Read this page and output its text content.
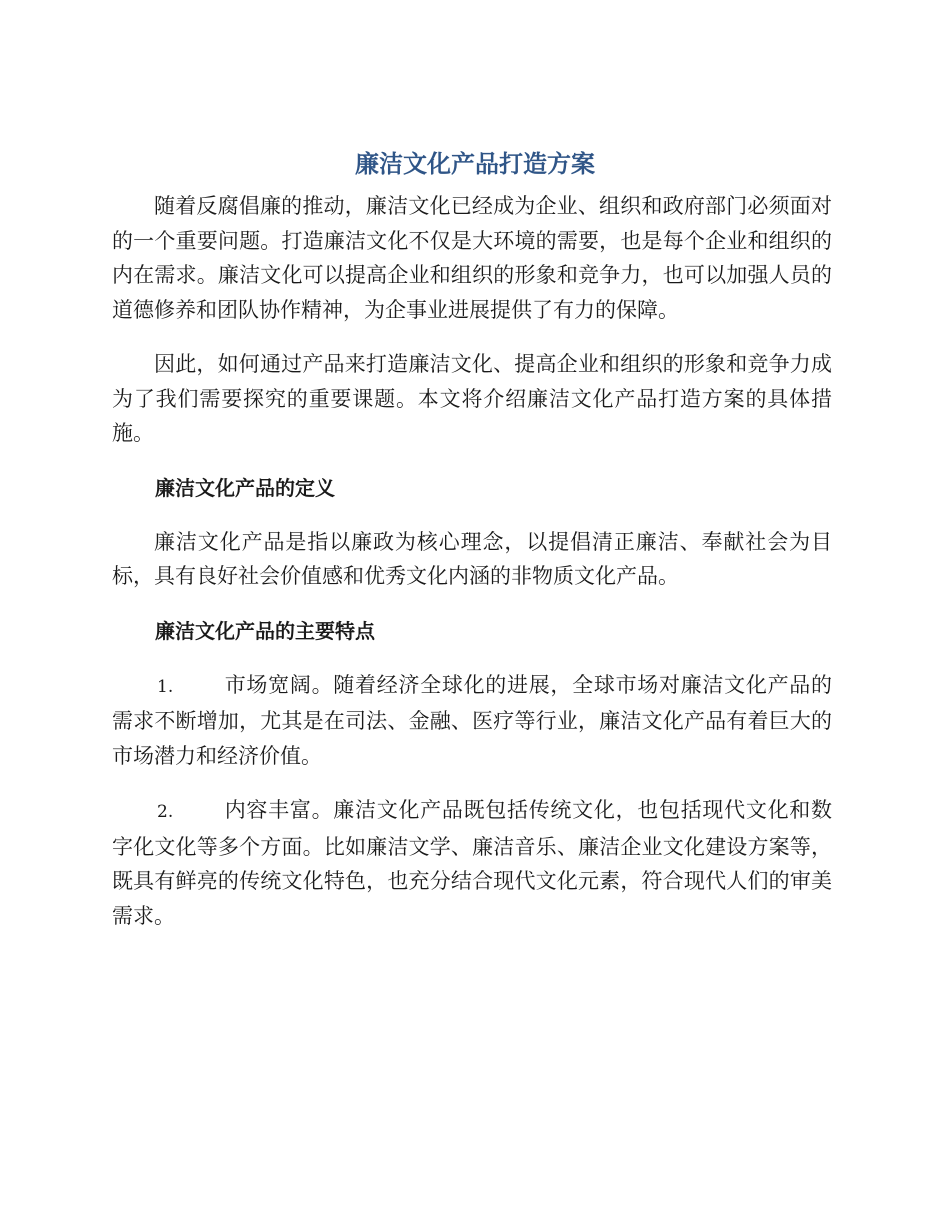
廉洁文化产品打造方案

随着反腐倡廉的推动，廉洁文化已经成为企业、组织和政府部门必须面对的一个重要问题。打造廉洁文化不仅是大环境的需要，也是每个企业和组织的内在需求。廉洁文化可以提高企业和组织的形象和竞争力，也可以加强人员的道德修养和团队协作精神，为企事业进展提供了有力的保障。

因此，如何通过产品来打造廉洁文化、提高企业和组织的形象和竞争力成为了我们需要探究的重要课题。本文将介绍廉洁文化产品打造方案的具体措施。

廉洁文化产品的定义

廉洁文化产品是指以廉政为核心理念，以提倡清正廉洁、奉献社会为目标，具有良好社会价值感和优秀文化内涵的非物质文化产品。

廉洁文化产品的主要特点

1. 市场宽阔。随着经济全球化的进展，全球市场对廉洁文化产品的需求不断增加，尤其是在司法、金融、医疗等行业，廉洁文化产品有着巨大的市场潜力和经济价值。

2. 内容丰富。廉洁文化产品既包括传统文化，也包括现代文化和数字化文化等多个方面。比如廉洁文学、廉洁音乐、廉洁企业文化建设方案等，既具有鲜亮的传统文化特色，也充分结合现代文化元素，符合现代人们的审美需求。
